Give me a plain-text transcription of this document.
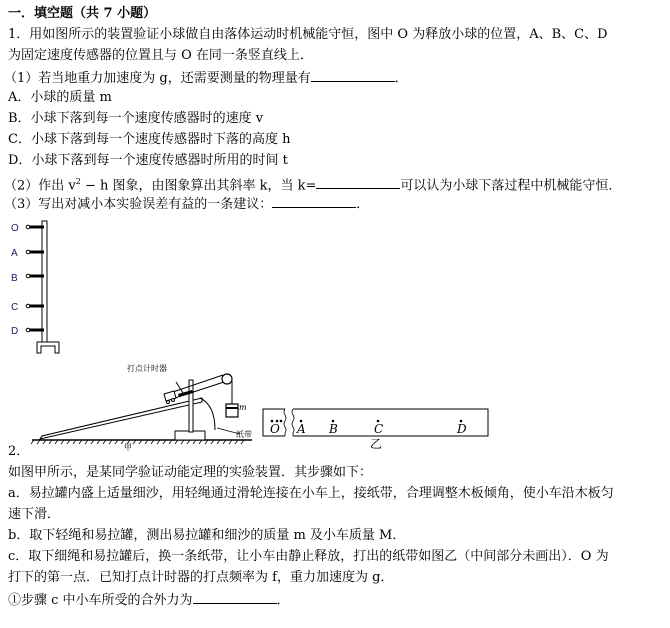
一．填空题（共 7 小题）
1．用如图所示的装置验证小球做自由落体运动时机械能守恒，图中 O 为释放小球的位置，A、B、C、D
为固定速度传感器的位置且与 O 在同一条竖直线上．
（1）若当地重力加速度为 g，还需要测量的物理量有	．
A．小球的质量 m
B．小球下落到每一个速度传感器时的速度 v
C．小球下落到每一个速度传感器时下落的高度 h
D．小球下落到每一个速度传感器时所用的时间 t
（2）作出 $v^2 - h$ 图象，由图象算出其斜率 k，当 k=	可以认为小球下落过程中机械能守恒．
（3）写出对减小本实验误差有益的一条建议：	．
O
A
B
C
D
打点计时器
m
纸带
甲
O A B	C	D
乙
2．
如图甲所示，是某同学验证动能定理的实验装置．其步骤如下：
a．易拉罐内盛上适量细沙，用轻绳通过滑轮连接在小车上，接纸带，合理调整木板倾角，使小车沿木板匀
速下滑．
b．取下轻绳和易拉罐，测出易拉罐和细沙的质量 m 及小车质量 M．
c．取下细绳和易拉罐后，换一条纸带，让小车由静止释放，打出的纸带如图乙（中间部分未画出）．O 为
打下的第一点．已知打点计时器的打点频率为 f，重力加速度为 g．
①步骤 c 中小车所受的合外力为	．
